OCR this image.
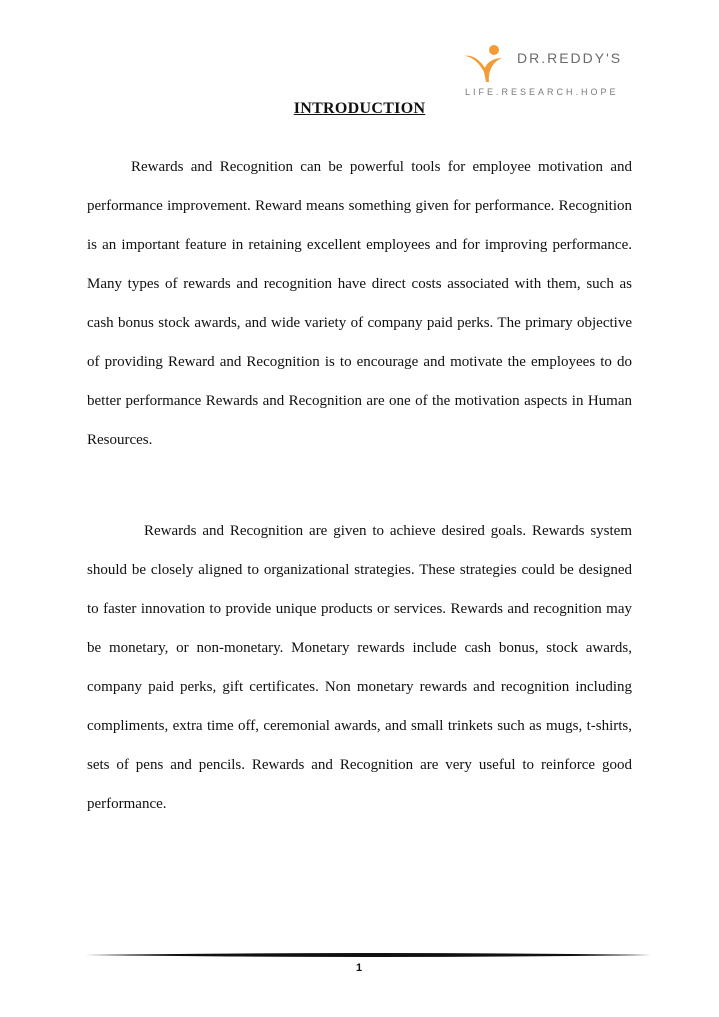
DR.REDDY'S
LIFE.RESEARCH.HOPE
INTRODUCTION

Rewards and Recognition can be powerful tools for employee motivation and performance improvement. Reward means something given for performance. Recognition is an important feature in retaining excellent employees and for improving performance. Many types of rewards and recognition have direct costs associated with them, such as cash bonus stock awards, and wide variety of company paid perks. The primary objective of providing Reward and Recognition is to encourage and motivate the employees to do better performance Rewards and Recognition are one of the motivation aspects in Human Resources.

Rewards and Recognition are given to achieve desired goals. Rewards system should be closely aligned to organizational strategies. These strategies could be designed to faster innovation to provide unique products or services. Rewards and recognition may be monetary, or non-monetary. Monetary rewards include cash bonus, stock awards, company paid perks, gift certificates. Non monetary rewards and recognition including compliments, extra time off, ceremonial awards, and small trinkets such as mugs, t-shirts, sets of pens and pencils. Rewards and Recognition are very useful to reinforce good performance.

1
